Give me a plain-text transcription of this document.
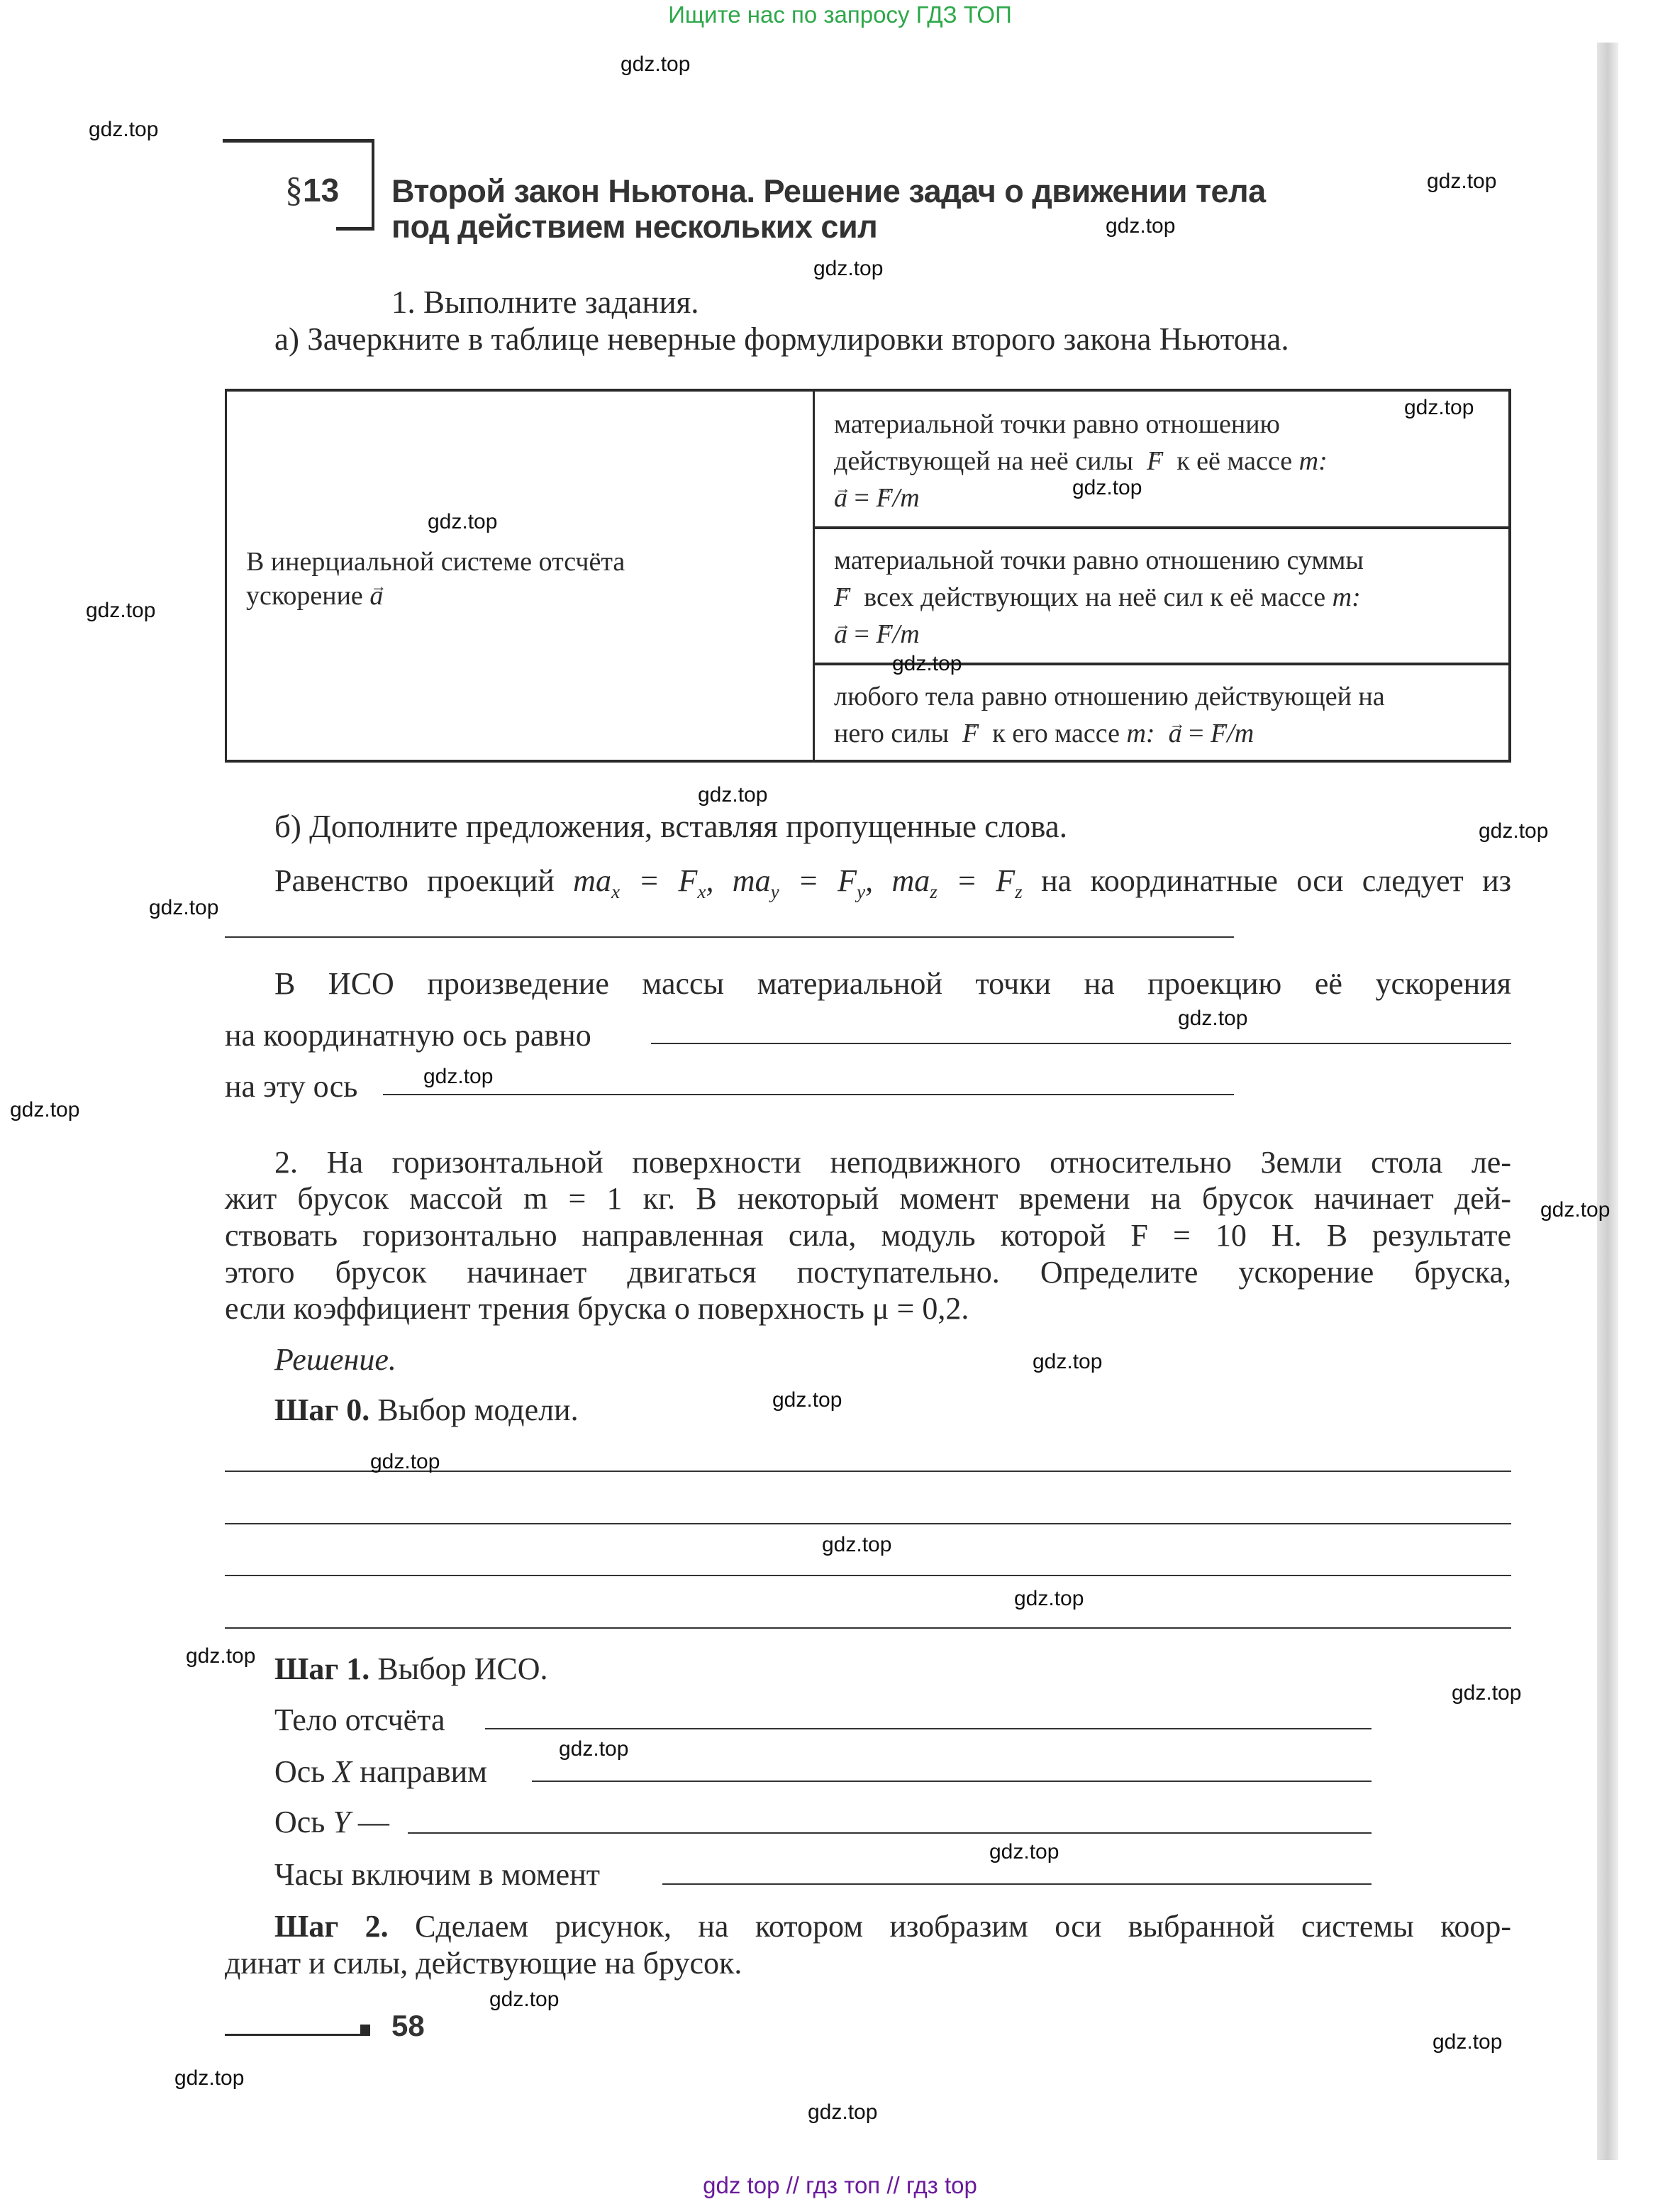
Ищите нас по запросу ГДЗ ТОП
§13 Второй закон Ньютона. Решение задач о движении тела
под действием нескольких сил
1. Выполните задания.
а) Зачеркните в таблице неверные формулировки второго закона Ньютона.
В инерциальной системе отсчёта
ускорение → a
материальной точки равно отношению
действующей на неё силы → F к её массе m:
→ a = → F/m
материальной точки равно отношению суммы
→ F всех действующих на неё сил к её массе m:
→ a = → F/m
любого тела равно отношению действующей на
него силы → F к его массе m: → a = → F/m
б) Дополните предложения, вставляя пропущенные слова.
Равенство проекций $ma_x = F_x$, $ma_y = F_y$, $ma_z = F_z$ на координатные оси следует из
В ИСО произведение массы материальной точки на проекцию её ускорения
на координатную ось равно
на эту ось
2. На горизонтальной поверхности неподвижного относительно Земли стола ле-
жит брусок массой m = 1 кг. В некоторый момент времени на брусок начинает дей-
ствовать горизонтально направленная сила, модуль которой F = 10 Н. В результате
этого брусок начинает двигаться поступательно. Определите ускорение бруска,
если коэффициент трения бруска о поверхность μ = 0,2.
Решение.
Шаг 0. Выбор модели.
Шаг 1. Выбор ИСО.
Тело отсчёта
Ось X направим
Ось Y —
Часы включим в момент
Шаг 2. Сделаем рисунок, на котором изобразим оси выбранной системы коор-
динат и силы, действующие на брусок.
58
gdz top // гдз топ // гдз top
gdz.top
gdz.top
gdz.top
gdz.top
gdz.top
gdz.top
gdz.top
gdz.top
gdz.top
gdz.top
gdz.top
gdz.top
gdz.top
gdz.top
gdz.top
gdz.top
gdz.top
gdz.top
gdz.top
gdz.top
gdz.top
gdz.top
gdz.top
gdz.top
gdz.top
gdz.top
gdz.top
gdz.top
gdz.top
gdz.top
